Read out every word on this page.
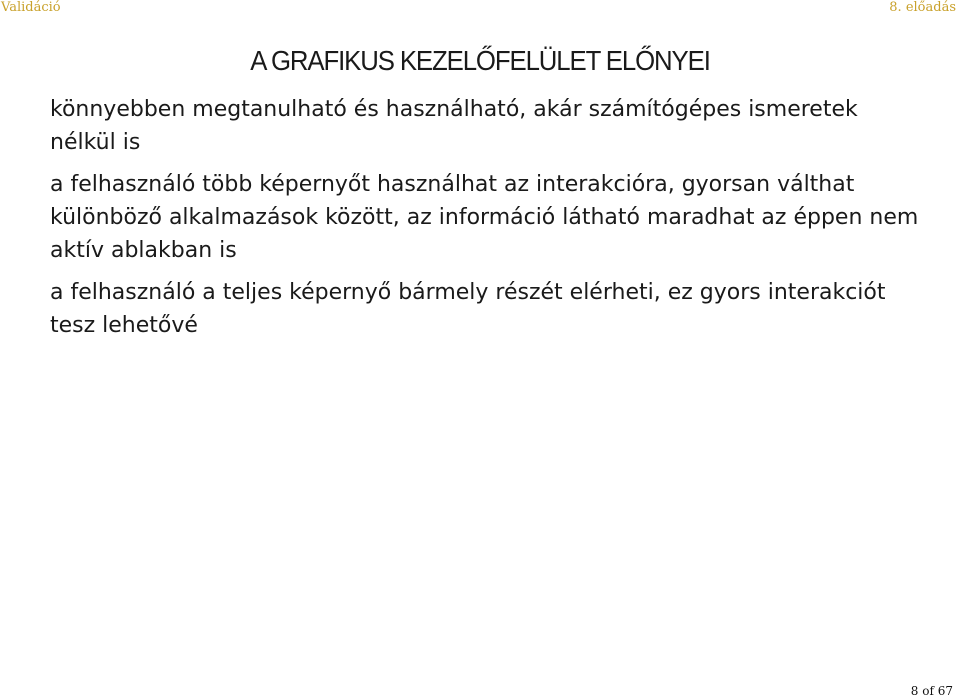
Validáció	8. előadás
A GRAFIKUS KEZELŐFELÜLET ELŐNYEI
könnyebben megtanulható és használható, akár számítógépes ismeretek nélkül is
a felhasználó több képernyőt használhat az interakcióra, gyorsan válthat különböző alkalmazások között, az információ látható maradhat az éppen nem aktív ablakban is
a felhasználó a teljes képernyő bármely részét elérheti, ez gyors interakciót tesz lehetővé
8 of 67
